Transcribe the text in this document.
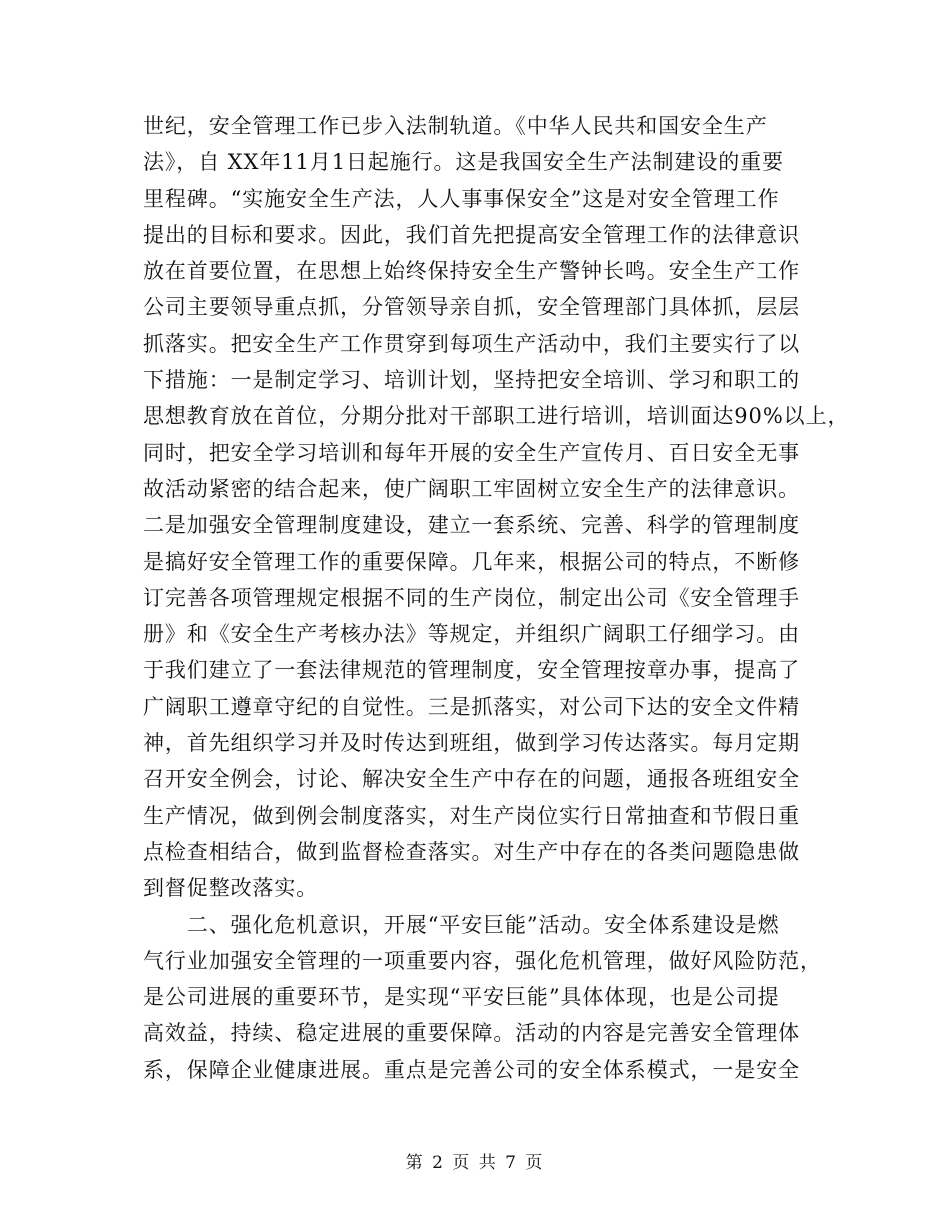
世纪，安全管理工作已步入法制轨道。《中华人民共和国安全生产
法》，自 XX年11月1日起施行。这是我国安全生产法制建设的重要
里程碑。“实施安全生产法，人人事事保安全”这是对安全管理工作
提出的目标和要求。因此，我们首先把提高安全管理工作的法律意识
放在首要位置，在思想上始终保持安全生产警钟长鸣。安全生产工作
公司主要领导重点抓，分管领导亲自抓，安全管理部门具体抓，层层
抓落实。把安全生产工作贯穿到每项生产活动中，我们主要实行了以
下措施：一是制定学习、培训计划，坚持把安全培训、学习和职工的
思想教育放在首位，分期分批对干部职工进行培训，培训面达90%以上，
同时，把安全学习培训和每年开展的安全生产宣传月、百日安全无事
故活动紧密的结合起来，使广阔职工牢固树立安全生产的法律意识。
二是加强安全管理制度建设，建立一套系统、完善、科学的管理制度
是搞好安全管理工作的重要保障。几年来，根据公司的特点，不断修
订完善各项管理规定根据不同的生产岗位，制定出公司《安全管理手
册》和《安全生产考核办法》等规定，并组织广阔职工仔细学习。由
于我们建立了一套法律规范的管理制度，安全管理按章办事，提高了
广阔职工遵章守纪的自觉性。三是抓落实，对公司下达的安全文件精
神，首先组织学习并及时传达到班组，做到学习传达落实。每月定期
召开安全例会，讨论、解决安全生产中存在的问题，通报各班组安全
生产情况，做到例会制度落实，对生产岗位实行日常抽查和节假日重
点检查相结合，做到监督检查落实。对生产中存在的各类问题隐患做
到督促整改落实。
　　二、强化危机意识，开展“平安巨能”活动。安全体系建设是燃
气行业加强安全管理的一项重要内容，强化危机管理，做好风险防范，
是公司进展的重要环节，是实现“平安巨能”具体体现，也是公司提
高效益，持续、稳定进展的重要保障。活动的内容是完善安全管理体
系，保障企业健康进展。重点是完善公司的安全体系模式，一是安全
第 2 页 共 7 页
